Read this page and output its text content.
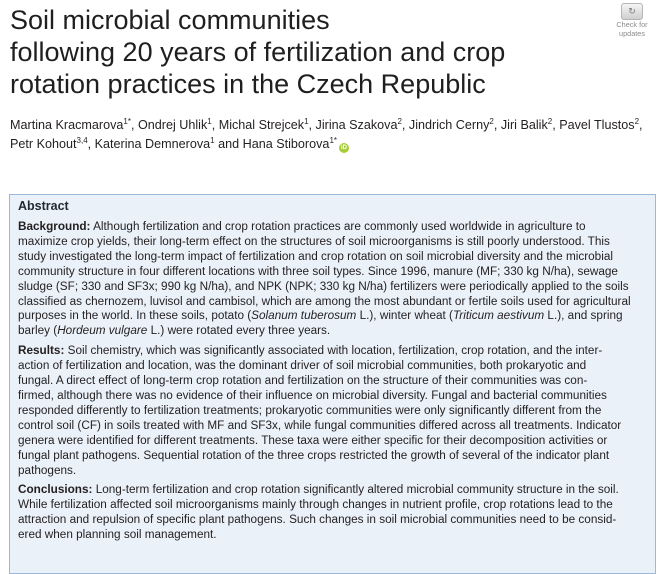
Soil microbial communities
following 20 years of fertilization and crop
rotation practices in the Czech Republic
↻
Check for
updates
Martina Kracmarova$^{1*}$, Ondrej Uhlik$^1$, Michal Strejcek$^1$, Jirina Szakova$^2$, Jindrich Cerny$^2$, Jiri Balik$^2$, Pavel Tlustos$^2$,
Petr Kohout$^{3,4}$, Katerina Demnerova$^1$ and Hana Stiborova$^{1*}$iD
Abstract
Background: Although fertilization and crop rotation practices are commonly used worldwide in agriculture to
maximize crop yields, their long-term effect on the structures of soil microorganisms is still poorly understood. This
study investigated the long-term impact of fertilization and crop rotation on soil microbial diversity and the microbial
community structure in four different locations with three soil types. Since 1996, manure (MF; 330 kg N/ha), sewage
sludge (SF; 330 and SF3x; 990 kg N/ha), and NPK (NPK; 330 kg N/ha) fertilizers were periodically applied to the soils
classified as chernozem, luvisol and cambisol, which are among the most abundant or fertile soils used for agricultural
purposes in the world. In these soils, potato (Solanum tuberosum L.), winter wheat (Triticum aestivum L.), and spring
barley (Hordeum vulgare L.) were rotated every three years.
Results: Soil chemistry, which was significantly associated with location, fertilization, crop rotation, and the inter-
action of fertilization and location, was the dominant driver of soil microbial communities, both prokaryotic and
fungal. A direct effect of long-term crop rotation and fertilization on the structure of their communities was con-
firmed, although there was no evidence of their influence on microbial diversity. Fungal and bacterial communities
responded differently to fertilization treatments; prokaryotic communities were only significantly different from the
control soil (CF) in soils treated with MF and SF3x, while fungal communities differed across all treatments. Indicator
genera were identified for different treatments. These taxa were either specific for their decomposition activities or
fungal plant pathogens. Sequential rotation of the three crops restricted the growth of several of the indicator plant
pathogens.
Conclusions: Long-term fertilization and crop rotation significantly altered microbial community structure in the soil.
While fertilization affected soil microorganisms mainly through changes in nutrient profile, crop rotations lead to the
attraction and repulsion of specific plant pathogens. Such changes in soil microbial communities need to be consid-
ered when planning soil management.
